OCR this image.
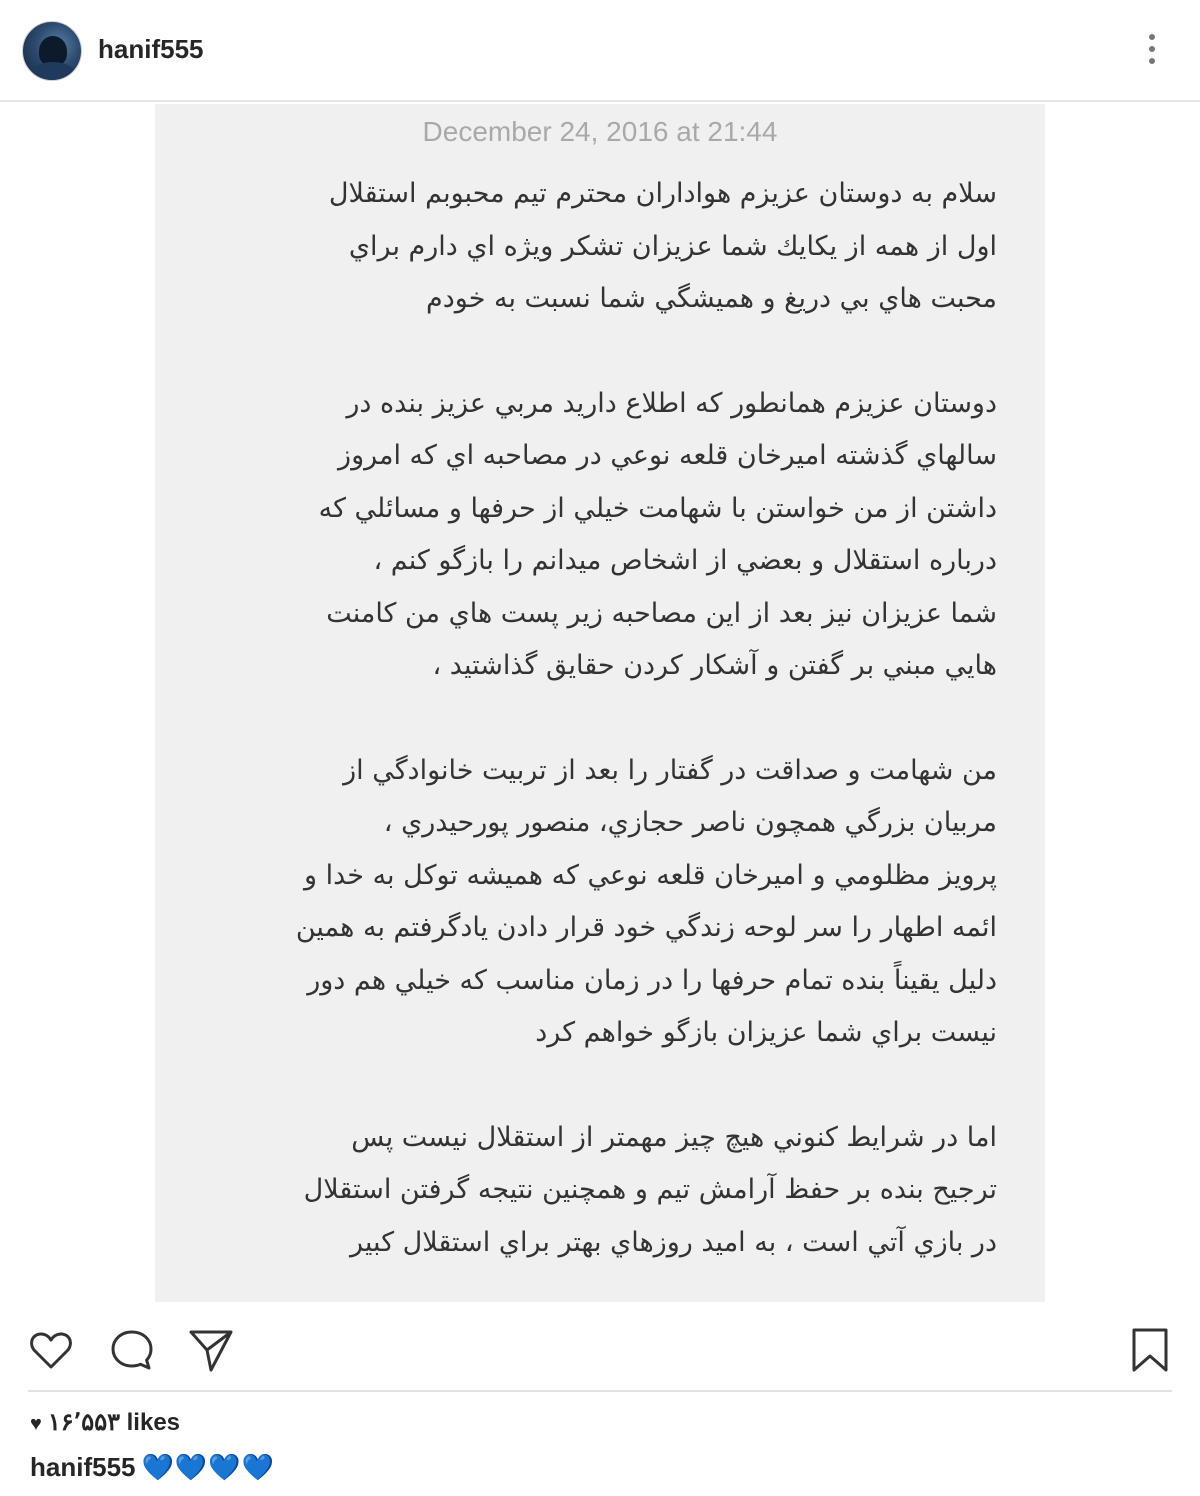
hanif555
December 24, 2016 at 21:44
سلام به دوستان عزیزم هواداران محترم تیم محبوبم استقلال
اول از همه از یکایك شما عزیزان تشکر ویژه اي دارم براي
محبت هاي بي دریغ و همیشگي شما نسبت به خودم
دوستان عزیزم همانطور که اطلاع دارید مربي عزیز بنده در
سالهاي گذشته امیرخان قلعه نوعي در مصاحبه اي که امروز
داشتن از من خواستن با شهامت خیلي از حرفها و مسائلي که
درباره استقلال و بعضي از اشخاص میدانم را بازگو کنم ،
شما عزیزان نیز بعد از این مصاحبه زیر پست هاي من کامنت
هایي مبني بر گفتن و آشکار کردن حقایق گذاشتید ،
من شهامت و صداقت در گفتار را بعد از تربیت خانوادگي از
مربیان بزرگي همچون ناصر حجازي، منصور پورحیدري ،
پرویز مظلومي و امیرخان قلعه نوعي که همیشه توکل به خدا و
ائمه اطهار را سر لوحه زندگي خود قرار دادن یادگرفتم به همین
دلیل یقیناً بنده تمام حرفها را در زمان مناسب که خیلي هم دور
نیست براي شما عزیزان بازگو خواهم کرد
اما در شرایط کنوني هیچ چیز مهمتر از استقلال نیست پس
ترجیح بنده بر حفظ آرامش تیم و همچنین نتیجه گرفتن استقلال
در بازي آتي است ، به امید روزهاي بهتر براي استقلال کبیر
♥ ۱۶٬۵۵۳ likes
hanif555 💙💙💙💙
